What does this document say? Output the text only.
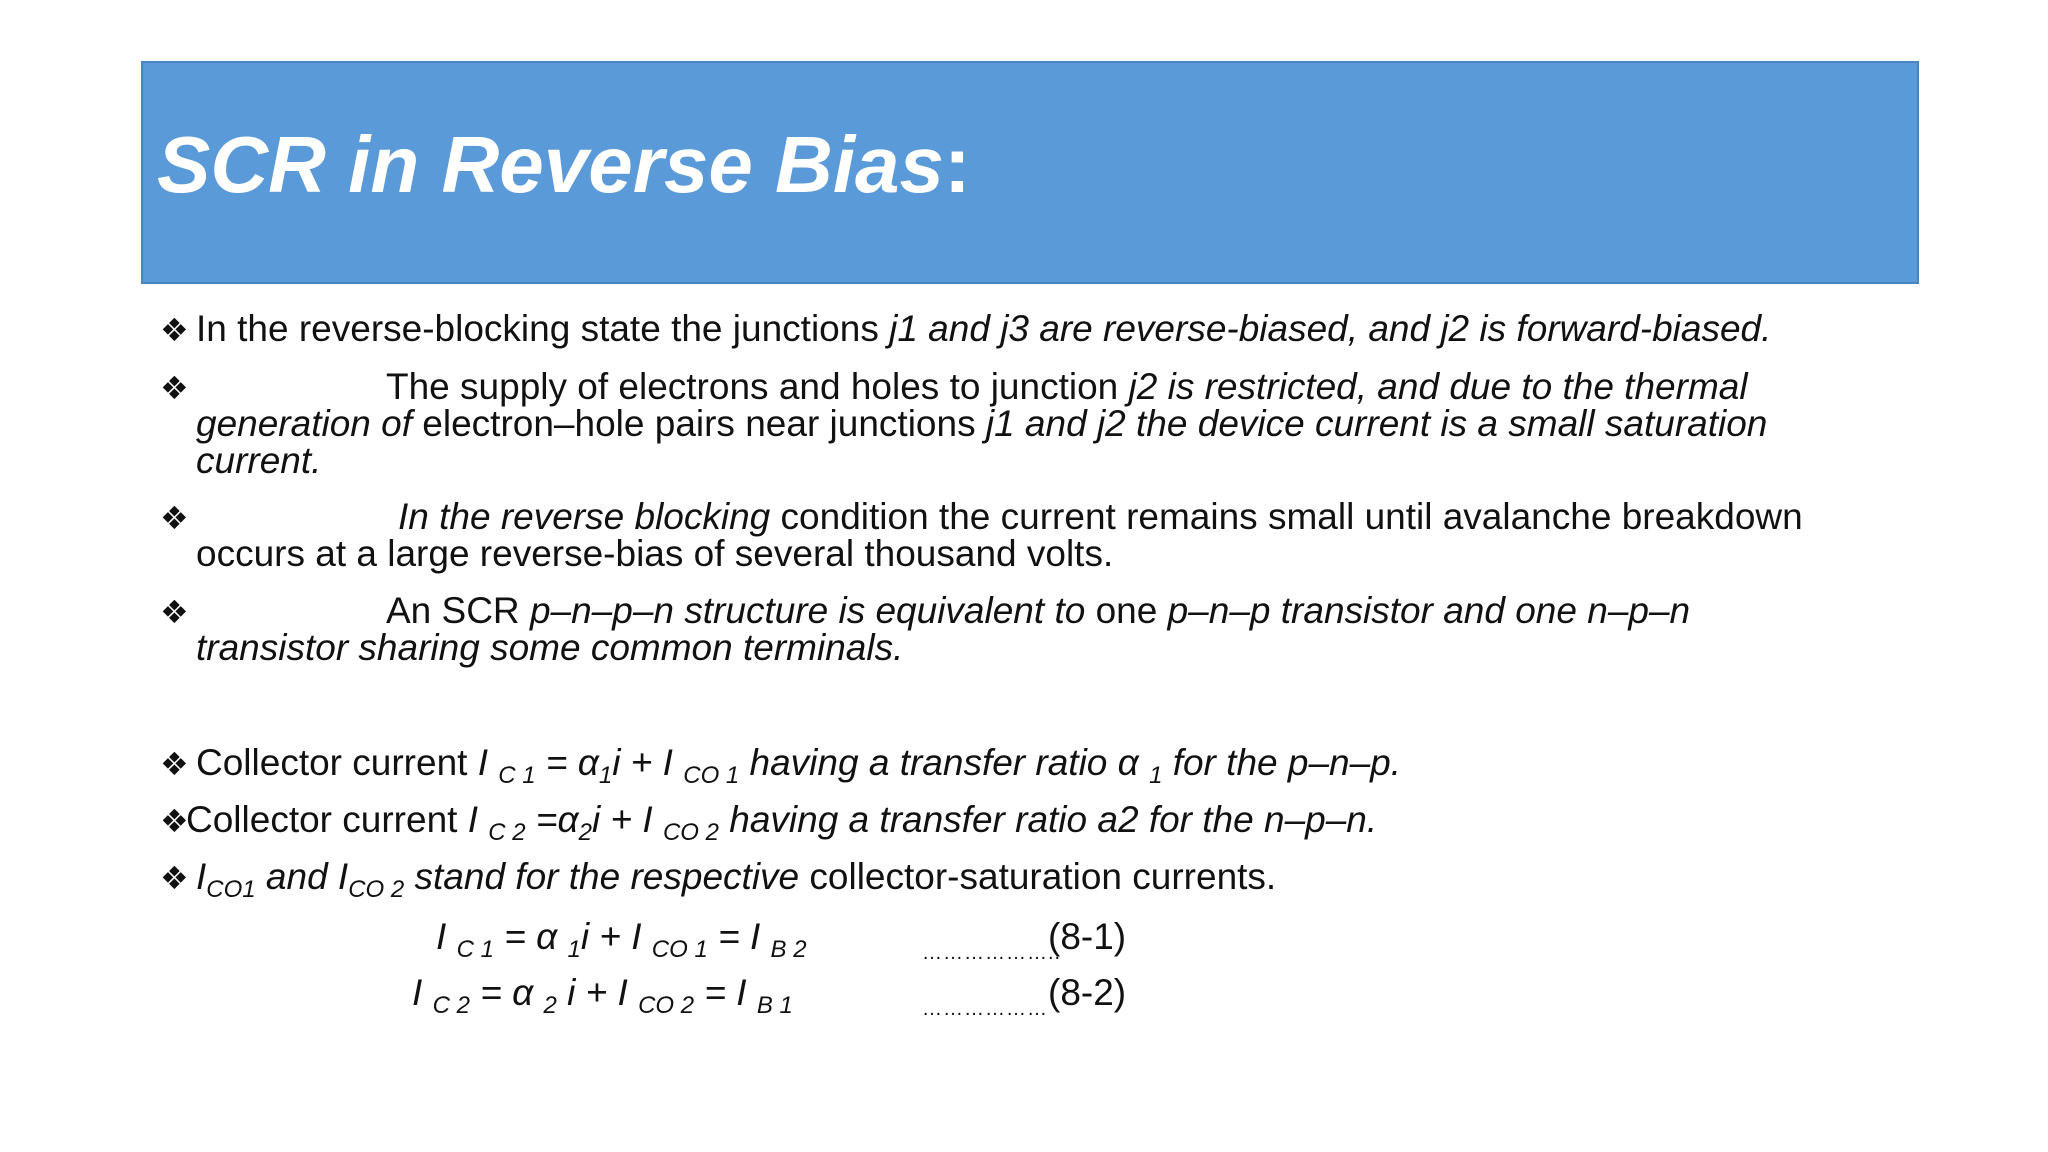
SCR in Reverse Bias:
❖ In the reverse-blocking state the junctions j1 and j3 are reverse-biased, and j2 is forward-biased.
❖	The supply of electrons and holes to junction j2 is restricted, and due to the thermal
generation of electron–hole pairs near junctions j1 and j2 the device current is a small saturation
current.
❖	In the reverse blocking condition the current remains small until avalanche breakdown
occurs at a large reverse-bias of several thousand volts.
❖	An SCR p–n–p–n structure is equivalent to one p–n–p transistor and one n–p–n
transistor sharing some common terminals.
❖ Collector current I $_{C 1} = \alpha_1i + I$ $_{CO 1}$ having a transfer ratio α $_1$ for the p–n–p.
❖Collector current I $_{C 2} =\alpha_2i + I$ $_{CO 2}$ having a transfer ratio a2 for the n–p–n.
❖ $I_{CO1}$ and $I_{CO 2}$ stand for the respective collector-saturation currents.
I $_{C 1}$ = α $_1$i + I $_{CO 1}$ = I $_{B 2}$	………………..
(8-1)
I $_{C 2}$ = α $_2$ i + I $_{CO 2}$ = I $_{B 1}$	……………… (8-2)
